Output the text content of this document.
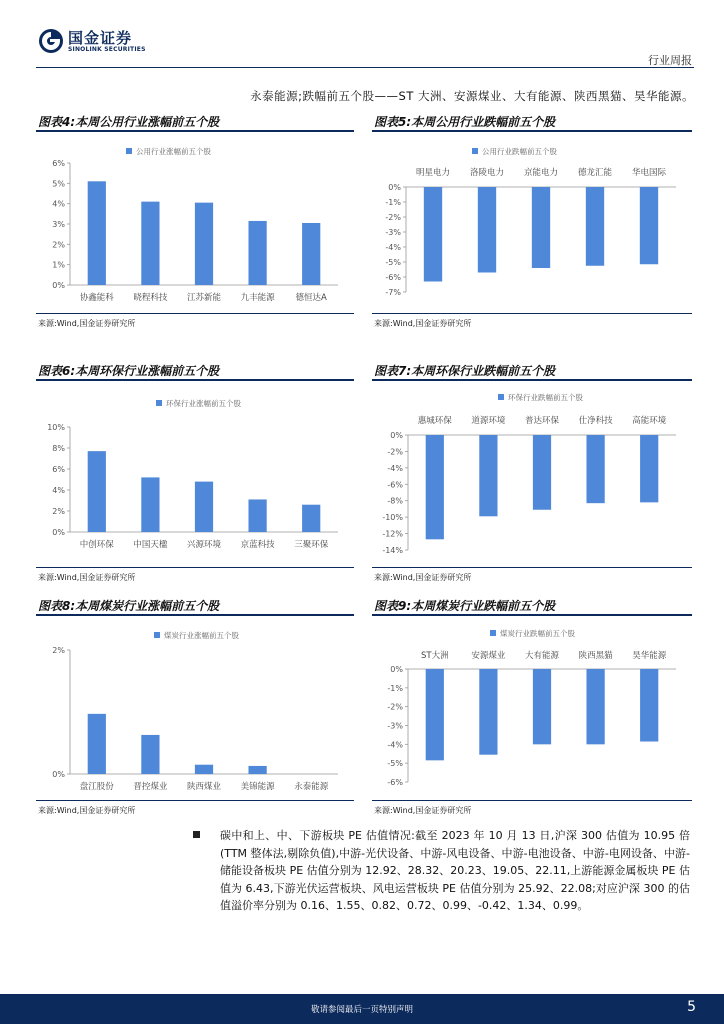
国金证券
SINOLINK SECURITIES
行业周报
永泰能源;跌幅前五个股——ST 大洲、安源煤业、大有能源、陕西黑猫、昊华能源。
图表4:本周公用行业涨幅前五个股
公用行业涨幅前五个股
0%
1%
2%
3%
4%
5%
6%
协鑫能科 晓程科技 江苏新能 九丰能源 德恒达A
来源:Wind,国金证券研究所
图表5:本周公用行业跌幅前五个股
公用行业跌幅前五个股
0%
-1%
-2%
-3%
-4%
-5%
-6%
-7%
明星电力 洛陵电力 京能电力 德龙汇能 华电国际
来源:Wind,国金证券研究所
图表6:本周环保行业涨幅前五个股
环保行业涨幅前五个股
0%
2%
4%
6%
8%
10%
中创环保 中国天楹 兴源环境 京蓝科技 三聚环保
来源:Wind,国金证券研究所
图表7:本周环保行业跌幅前五个股
环保行业跌幅前五个股
0%
-2%
-4%
-6%
-8%
-10%
-12%
-14%
惠城环保 道源环境 普达环保 仕净科技 高能环境
来源:Wind,国金证券研究所
图表8:本周煤炭行业涨幅前五个股
煤炭行业涨幅前五个股
0%
2%
盘江股份 晋控煤业 陕西煤业 美锦能源 永泰能源
来源:Wind,国金证券研究所
图表9:本周煤炭行业跌幅前五个股
煤炭行业跌幅前五个股
0%
-1%
-2%
-3%
-4%
-5%
-6%
ST大洲	安源煤业 大有能源 陕西黑猫 昊华能源
来源:Wind,国金证券研究所
碳中和上、中、下游板块 PE 估值情况:截至 2023 年 10 月 13 日,沪深 300 估值为 10.95 倍(TTM 整体法,剔除负值),中游-光伏设备、中游-风电设备、中游-电池设备、中游-电网设备、中游-储能设备板块 PE 估值分别为 12.92、28.32、20.23、19.05、22.11,上游能源金属板块 PE 估值为 6.43,下游光伏运营板块、风电运营板块 PE 估值分别为 25.92、22.08;对应沪深 300 的估值溢价率分别为 0.16、1.55、0.82、0.72、0.99、-0.42、1.34、0.99。
敬请参阅最后一页特别声明	5
